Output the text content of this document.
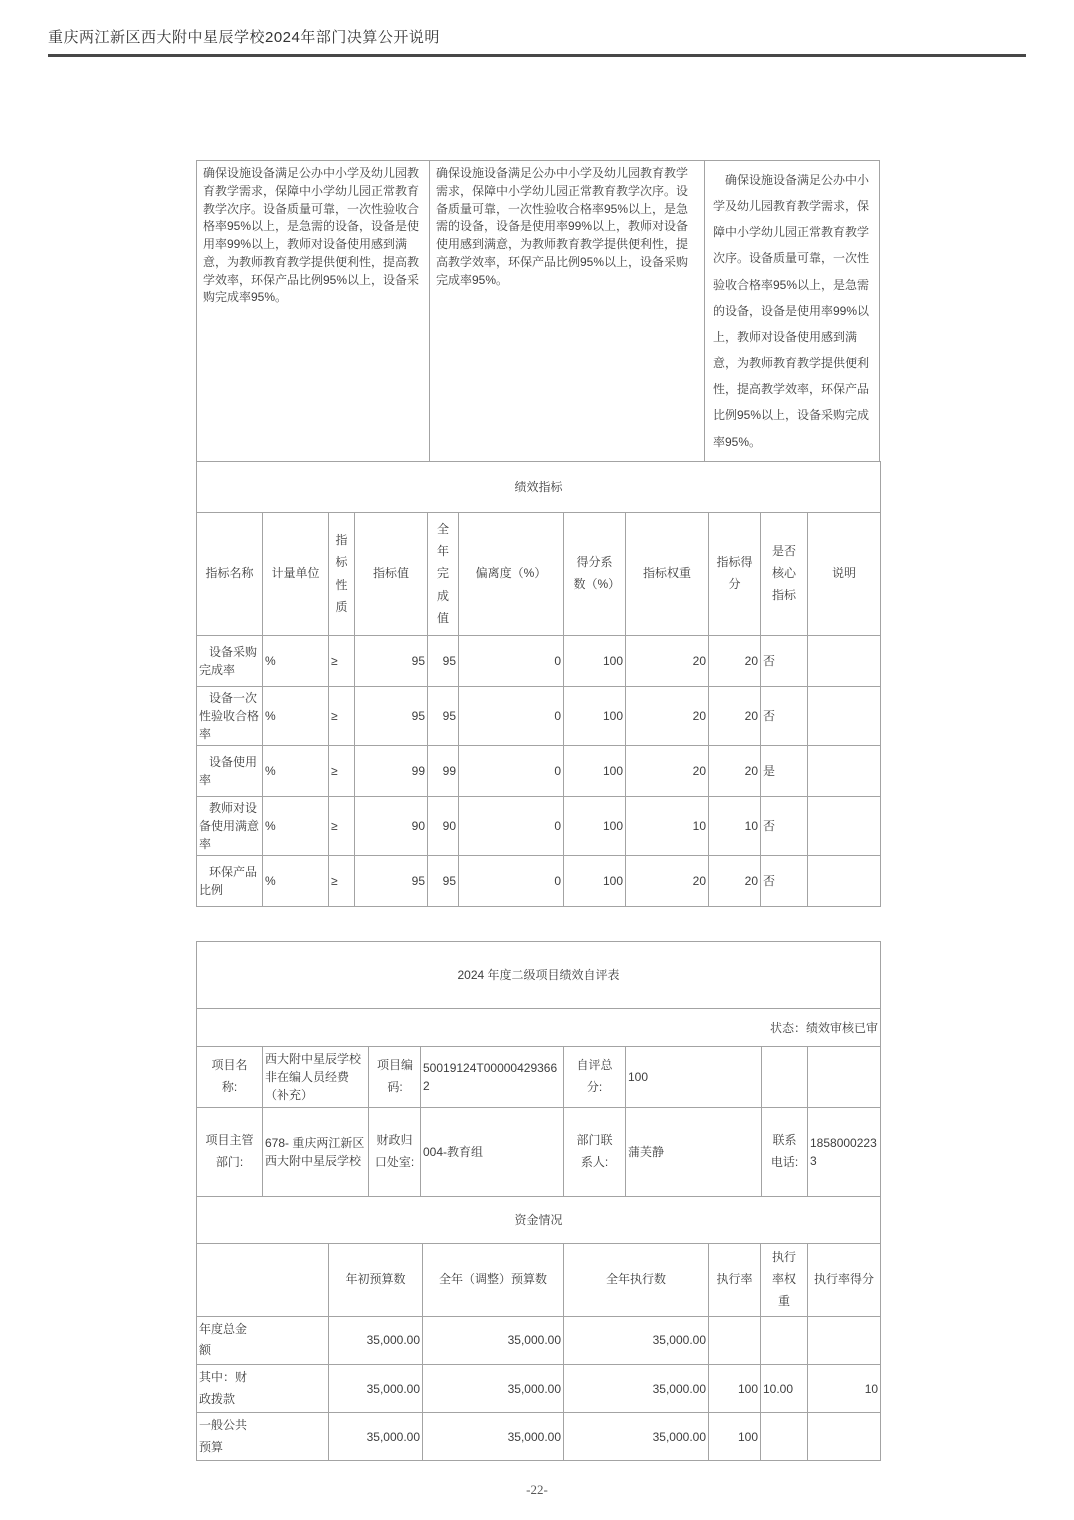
重庆两江新区西大附中星辰学校2024年部门决算公开说明
确保设施设备满足公办中小学及幼儿园教育教学需求，保障中小学幼儿园正常教育教学次序。设备质量可靠，一次性验收合格率95%以上，是急需的设备，设备是使用率99%以上，教师对设备使用感到满意，为教师教育教学提供便利性，提高教学效率，环保产品比例95%以上，设备采购完成率95%。
确保设施设备满足公办中小学及幼儿园教育教学需求，保障中小学幼儿园正常教育教学次序。设备质量可靠，一次性验收合格率95%以上，是急需的设备，设备是使用率99%以上，教师对设备使用感到满意，为教师教育教学提供便利性，提高教学效率，环保产品比例95%以上，设备采购完成率95%。
确保设施设备满足公办中小学及幼儿园教育教学需求，保障中小学幼儿园正常教育教学次序。设备质量可靠，一次性验收合格率95%以上，是急需的设备，设备是使用率99%以上，教师对设备使用感到满意，为教师教育教学提供便利性，提高教学效率，环保产品比例95%以上，设备采购完成率95%。
绩效指标										
指标名称	计量单位	指标性质	指标值	全年完成值	偏离度（%）	得分系数（%）	指标权重	指标得分	是否核心指标	说明
设备采购完成率	%	≥	95	95	0	100	20	20	否	
设备一次性验收合格率	%	≥	95	95	0	100	20	20	否	
设备使用率	%	≥	99	99	0	100	20	20	是	
教师对设备使用满意率	%	≥	90	90	0	100	10	10	否	
环保产品比例	%	≥	95	95	0	100	20	20	否	
2024 年度二级项目绩效自评表							
状态：绩效审核已审							
项目名称:	西大附中星辰学校非在编人员经费（补充）	项目编码:	50019124T000004293662	自评总分:	100		
项目主管部门:	678- 重庆两江新区西大附中星辰学校	财政归口处室:	004-教育组	部门联系人:	蒲芙静	联系电话:	18580002233
资金情况						
	年初预算数	全年（调整）预算数	全年执行数	执行率	执行率权重	执行率得分
年度总金额	35,000.00	35,000.00	35,000.00			
其中：财政拨款	35,000.00	35,000.00	35,000.00	100	10.00	10
一般公共预算	35,000.00	35,000.00	35,000.00	100		
-22-
